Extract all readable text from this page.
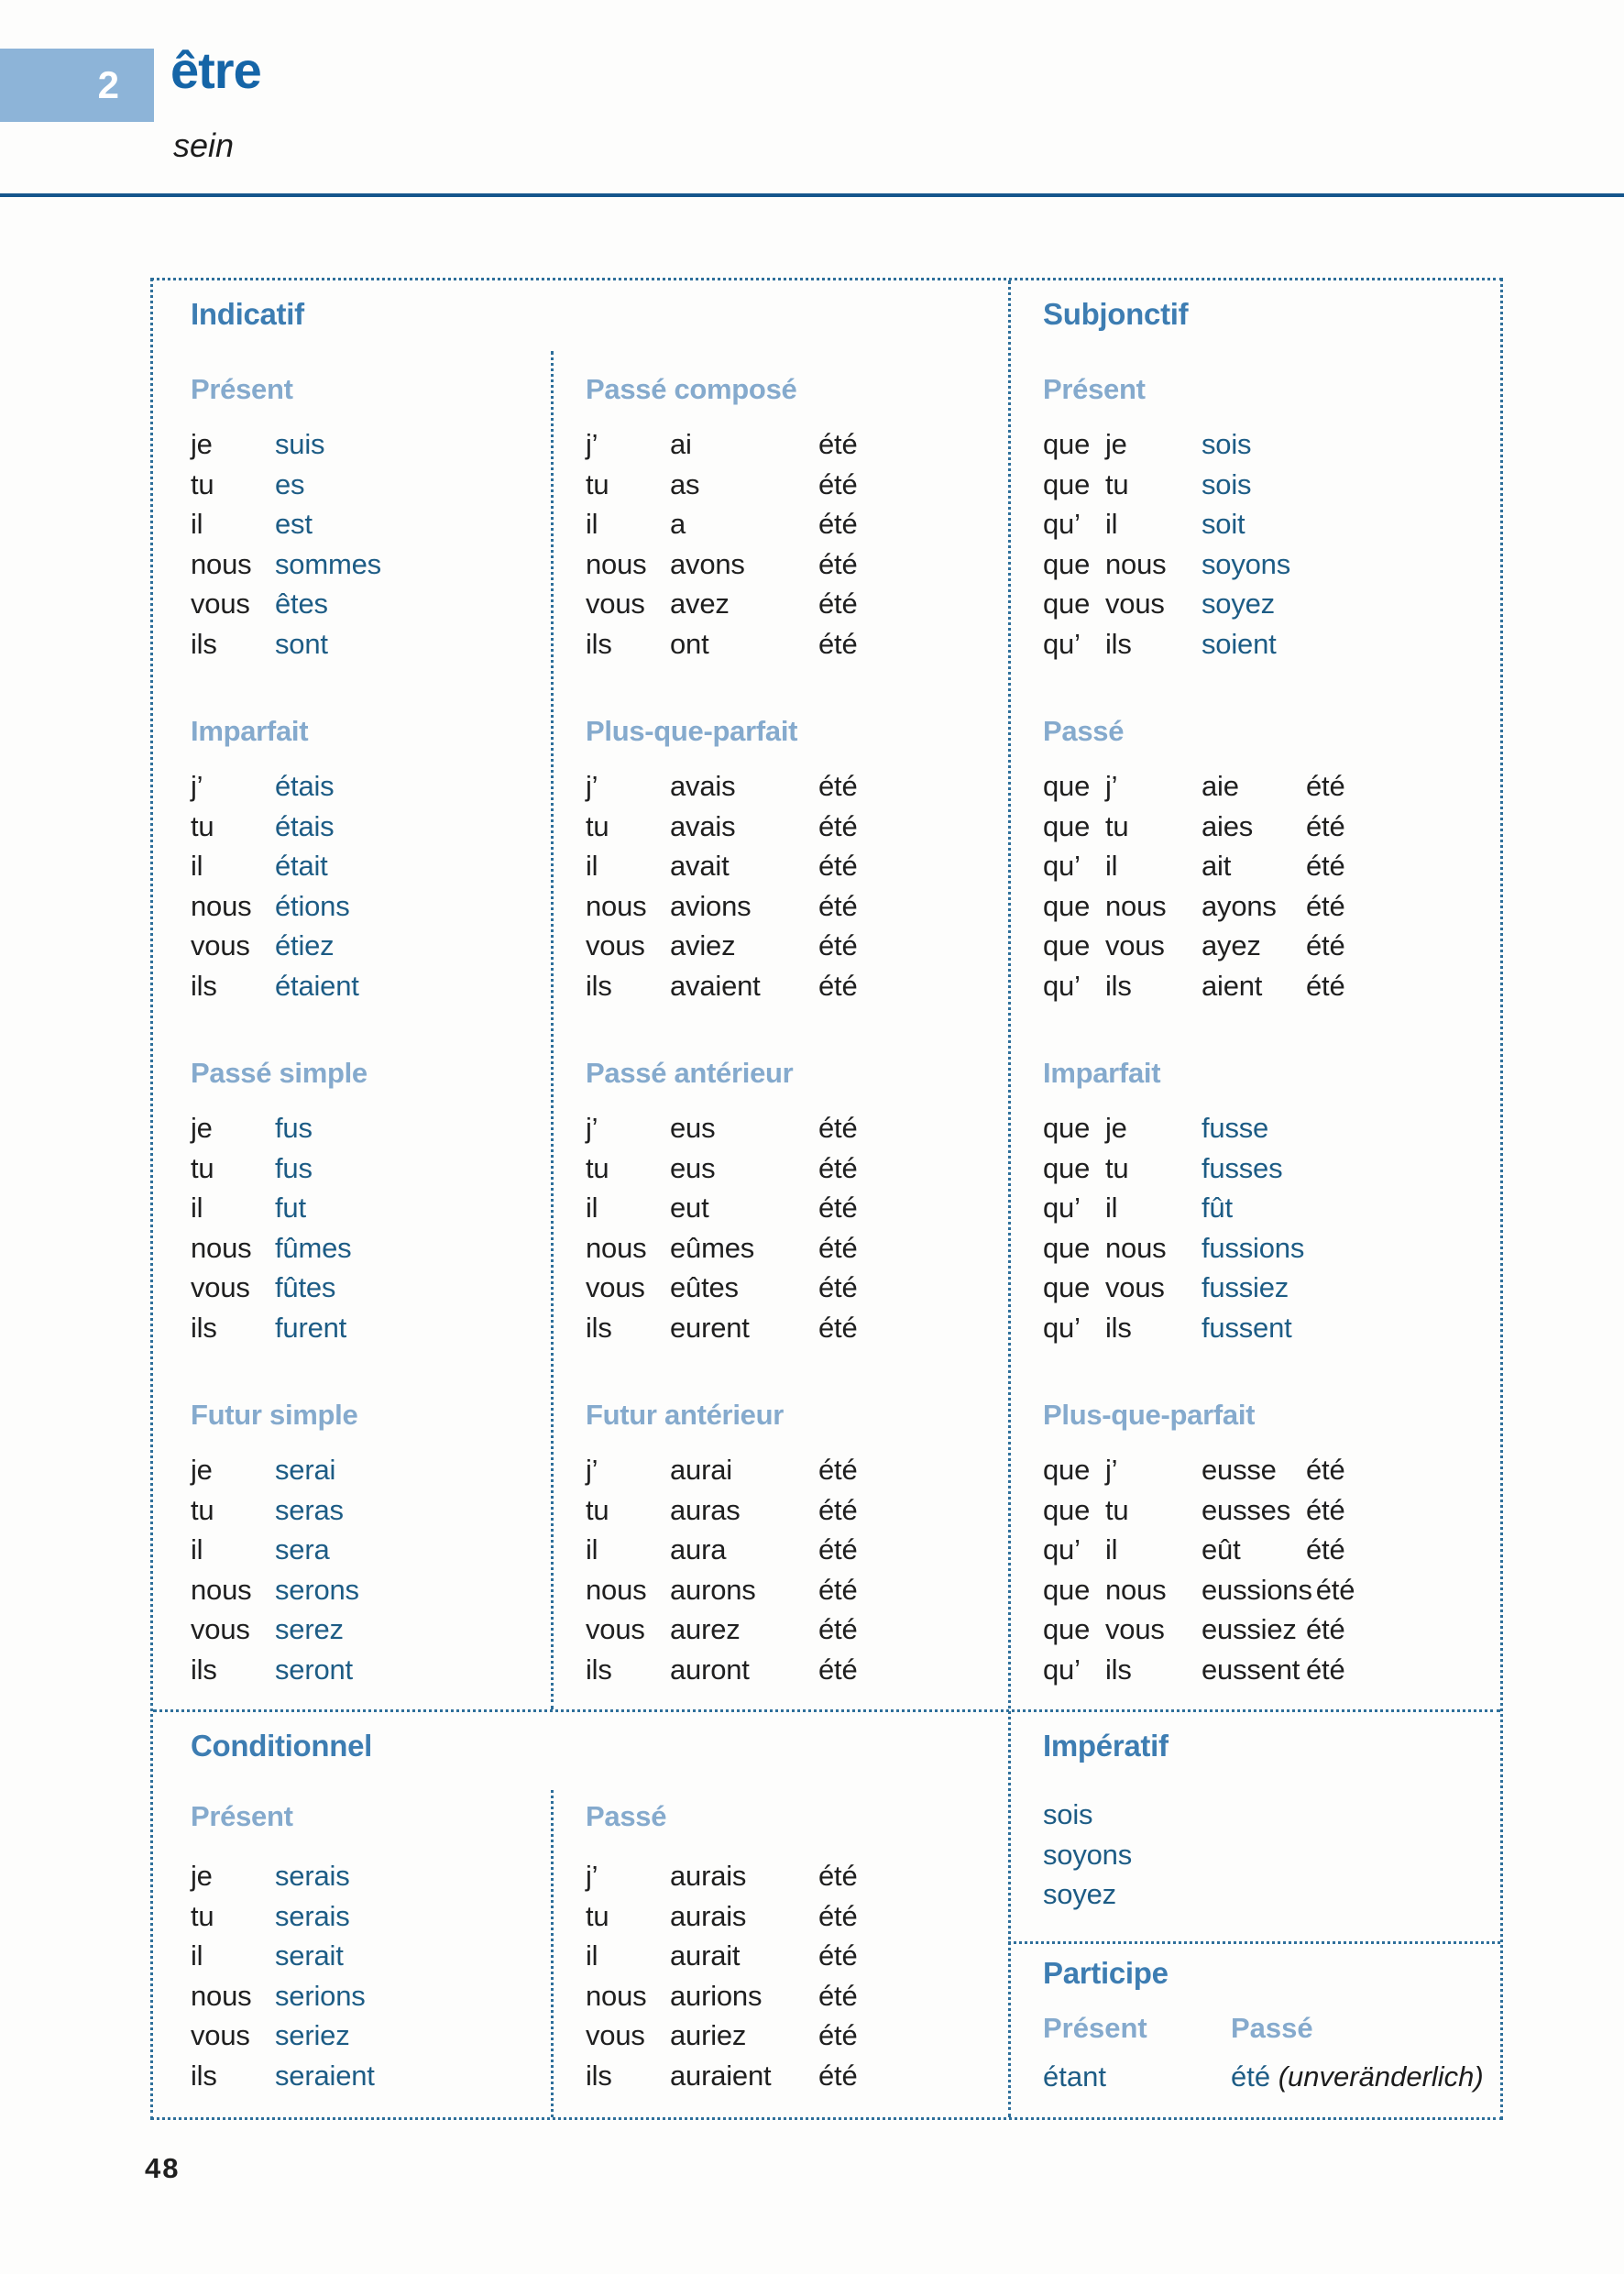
2	être
sein
Indicatif	Subjonctif
Conditionnel	Impératif
Participe
Présent
je suis
tu es
il	est
nous sommes
vous êtes
ils sont
Imparfait
j’	étais
tu étais
il	était
nous étions
vous étiez
ils étaient
Passé simple
je fus
tu fus
il	fut
nous fûmes
vous fûtes
ils furent
Futur simple
je serai
tu seras
il	sera
nous serons
vous serez
ils seront
Passé composé
j’	ai	été
tu as	été
il	a	été
nous avons	été
vous avez	été
ils ont	été
Plus-que-parfait
j’	avais	été
tu avais	été
il	avait	été
nous avions été
vous aviez	été
ils avaient été
Passé antérieur
j’	eus	été
tu eus	été
il	eut	été
nous eûmes été
vous eûtes	été
ils eurent été
Futur antérieur
j’	aurai	été
tu auras	été
il	aura	été
nous aurons été
vous aurez	été
ils auront été
Présent
que je	sois
que tu	sois
qu’ il	soit
que nous soyons
que vous soyez
qu’ ils soient
Passé
que j’	aie été
que tu	aies été
qu’ il	ait	été
que nous ayons été
que vous ayez été
qu’ ils aient été
Imparfait
que je	fusse
que tu	fusses
qu’ il	fût
que nous fussions
que vous fussiez
qu’ ils fussent
Plus-que-parfait
que j’	eusse été
que tu	eusses été
qu’ il	eût été
que nous eussions été
que vous eussiez été
qu’ ils eussent été
Présent
je serais
tu serais
il	serait
nous serions
vous seriez
ils seraient
Passé
j’	aurais	été
tu aurais	été
il	aurait	été
nous aurions été
vous auriez	été
ils auraient été
sois
soyons
soyez
Présent	Passé
étant	été (unveränderlich)
48
